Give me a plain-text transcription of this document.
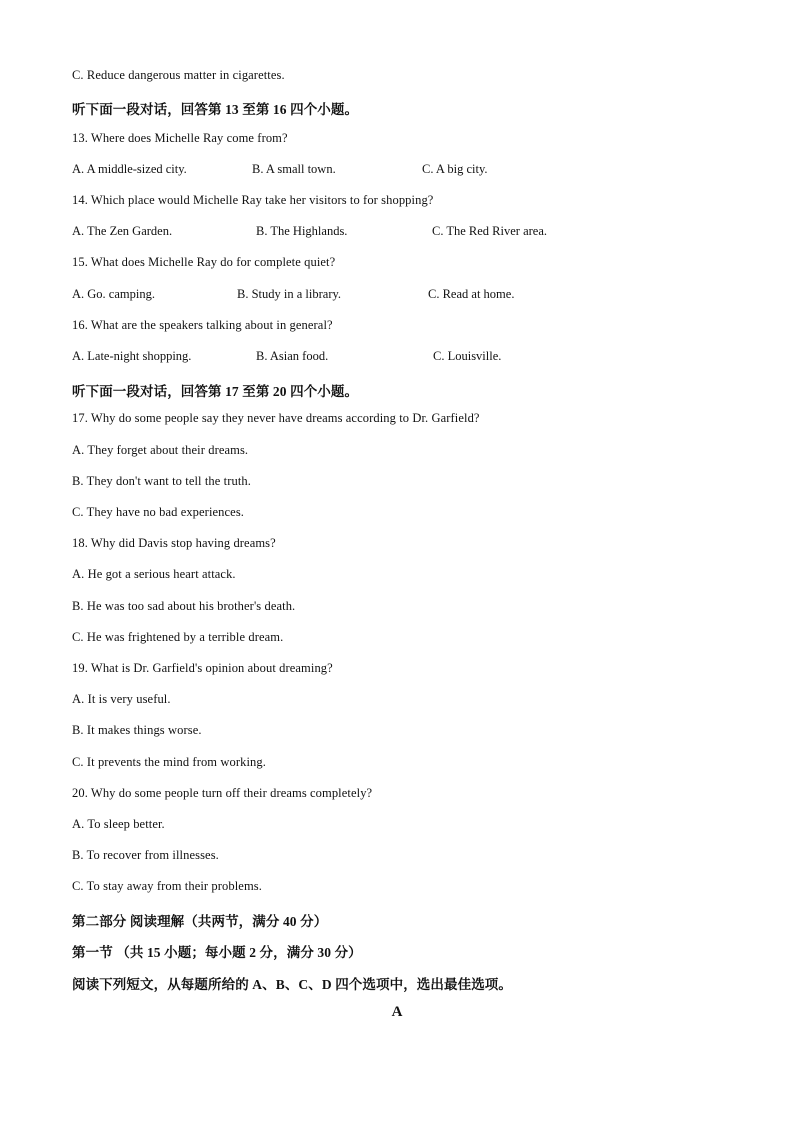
C. Reduce dangerous matter in cigarettes.
听下面一段对话，回答第 13 至第 16 四个小题。
13. Where does Michelle Ray come from?
A. A middle-sized city.	B. A small town.	C. A big city.
14. Which place would Michelle Ray take her visitors to for shopping?
A. The Zen Garden.	B. The Highlands.	C. The Red River area.
15. What does Michelle Ray do for complete quiet?
A. Go. camping.	B. Study in a library.	C. Read at home.
16. What are the speakers talking about in general?
A. Late-night shopping.	B. Asian food.	C. Louisville.
听下面一段对话，回答第 17 至第 20 四个小题。
17. Why do some people say they never have dreams according to Dr. Garfield?
A. They forget about their dreams.
B. They don't want to tell the truth.
C. They have no bad experiences.
18. Why did Davis stop having dreams?
A. He got a serious heart attack.
B. He was too sad about his brother's death.
C. He was frightened by a terrible dream.
19. What is Dr. Garfield's opinion about dreaming?
A. It is very useful.
B. It makes things worse.
C. It prevents the mind from working.
20. Why do some people turn off their dreams completely?
A. To sleep better.
B. To recover from illnesses.
C. To stay away from their problems.
第二部分 阅读理解（共两节，满分 40 分）
第一节 （共 15 小题；每小题 2 分，满分 30 分）
阅读下列短文，从每题所给的 A、B、C、D 四个选项中，选出最佳选项。
A
